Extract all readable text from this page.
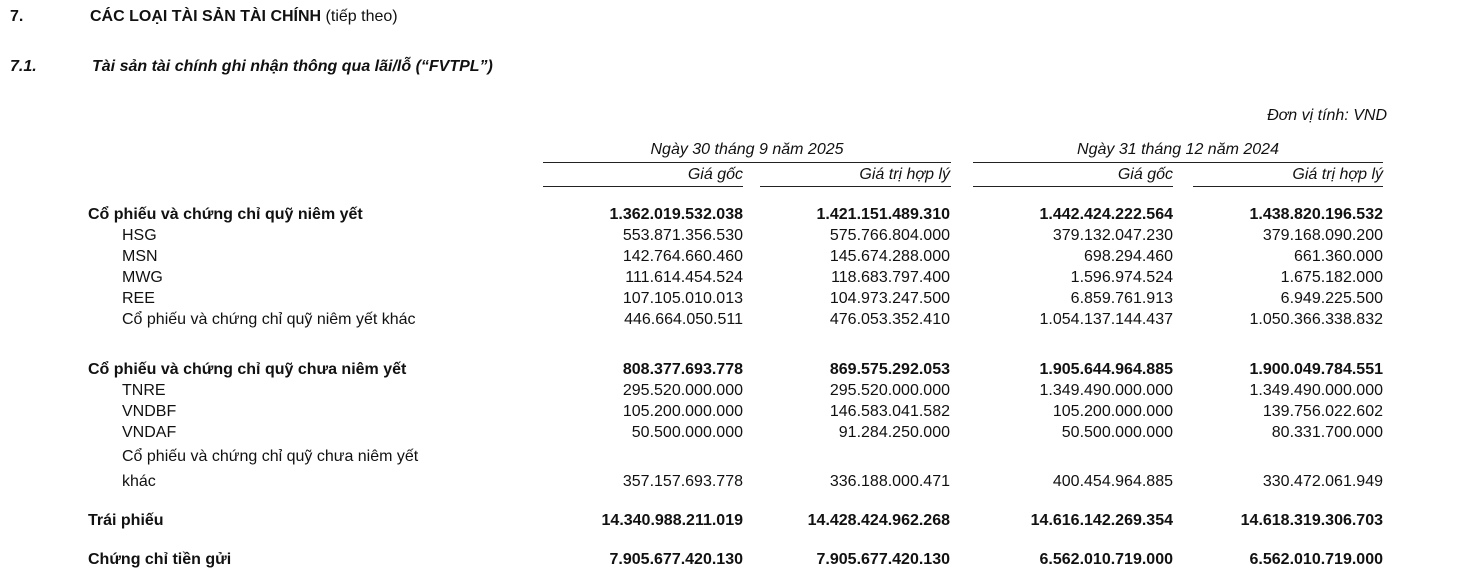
7.	CÁC LOẠI TÀI SẢN TÀI CHÍNH (tiếp theo)
7.1.	Tài sản tài chính ghi nhận thông qua lãi/lỗ (“FVTPL”)
Đơn vị tính: VND
Ngày 30 tháng 9 năm 2025	Ngày 31 tháng 12 năm 2024
Giá gốc	Giá trị hợp lý	Giá gốc	Giá trị hợp lý
Cổ phiếu và chứng chỉ quỹ niêm yết	1.362.019.532.038	1.421.151.489.310	1.442.424.222.564	1.438.820.196.532
HSG	553.871.356.530	575.766.804.000	379.132.047.230	379.168.090.200
MSN	142.764.660.460	145.674.288.000	698.294.460	661.360.000
MWG	111.614.454.524	118.683.797.400	1.596.974.524	1.675.182.000
REE	107.105.010.013	104.973.247.500	6.859.761.913	6.949.225.500
Cổ phiếu và chứng chỉ quỹ niêm yết khác	446.664.050.511	476.053.352.410	1.054.137.144.437	1.050.366.338.832
Cổ phiếu và chứng chỉ quỹ chưa niêm yết	808.377.693.778	869.575.292.053	1.905.644.964.885	1.900.049.784.551
TNRE	295.520.000.000	295.520.000.000	1.349.490.000.000	1.349.490.000.000
VNDBF	105.200.000.000	146.583.041.582	105.200.000.000	139.756.022.602
VNDAF	50.500.000.000	91.284.250.000	50.500.000.000	80.331.700.000
Cổ phiếu và chứng chỉ quỹ chưa niêm yết
khác	357.157.693.778	336.188.000.471	400.454.964.885	330.472.061.949
Trái phiếu	14.340.988.211.019	14.428.424.962.268	14.616.142.269.354	14.618.319.306.703
Chứng chỉ tiền gửi	7.905.677.420.130	7.905.677.420.130	6.562.010.719.000	6.562.010.719.000
